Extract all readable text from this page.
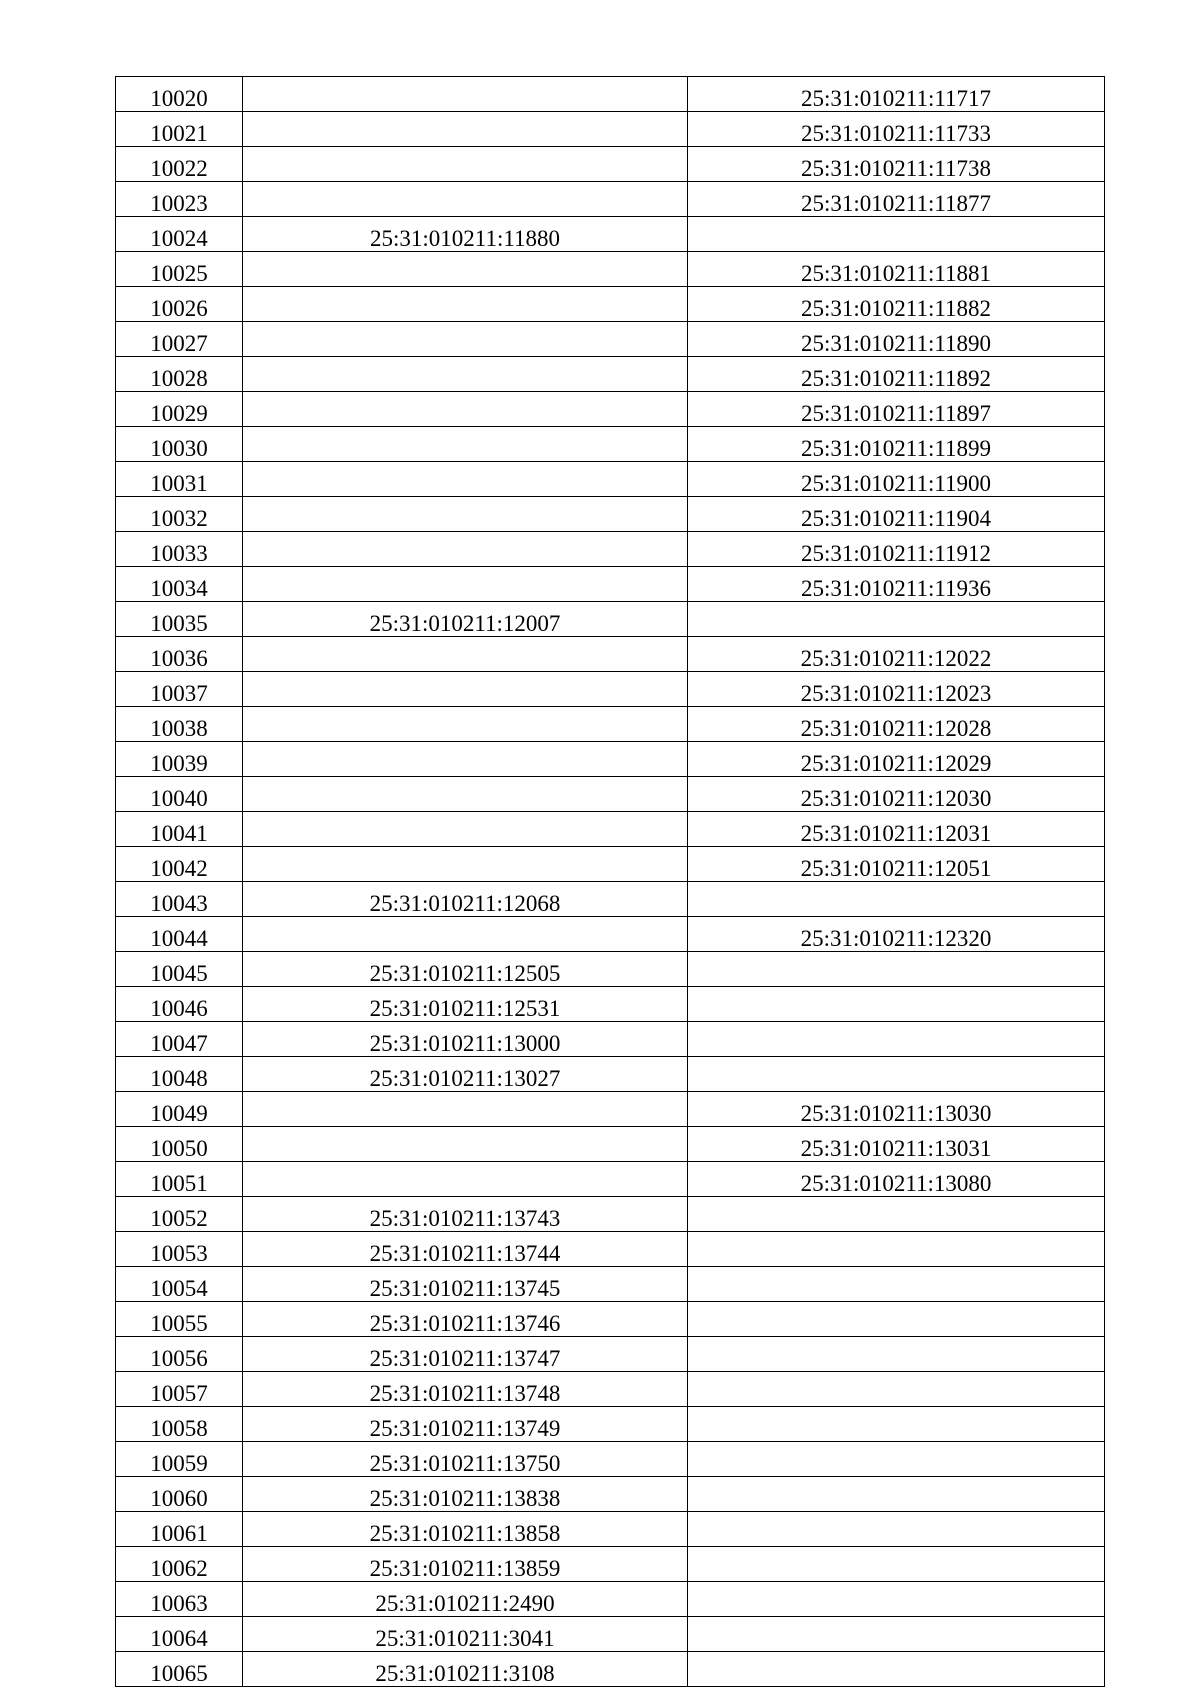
10020		25:31:010211:11717
10021		25:31:010211:11733
10022		25:31:010211:11738
10023		25:31:010211:11877
10024	25:31:010211:11880	
10025		25:31:010211:11881
10026		25:31:010211:11882
10027		25:31:010211:11890
10028		25:31:010211:11892
10029		25:31:010211:11897
10030		25:31:010211:11899
10031		25:31:010211:11900
10032		25:31:010211:11904
10033		25:31:010211:11912
10034		25:31:010211:11936
10035	25:31:010211:12007	
10036		25:31:010211:12022
10037		25:31:010211:12023
10038		25:31:010211:12028
10039		25:31:010211:12029
10040		25:31:010211:12030
10041		25:31:010211:12031
10042		25:31:010211:12051
10043	25:31:010211:12068	
10044		25:31:010211:12320
10045	25:31:010211:12505	
10046	25:31:010211:12531	
10047	25:31:010211:13000	
10048	25:31:010211:13027	
10049		25:31:010211:13030
10050		25:31:010211:13031
10051		25:31:010211:13080
10052	25:31:010211:13743	
10053	25:31:010211:13744	
10054	25:31:010211:13745	
10055	25:31:010211:13746	
10056	25:31:010211:13747	
10057	25:31:010211:13748	
10058	25:31:010211:13749	
10059	25:31:010211:13750	
10060	25:31:010211:13838	
10061	25:31:010211:13858	
10062	25:31:010211:13859	
10063	25:31:010211:2490	
10064	25:31:010211:3041	
10065	25:31:010211:3108	
